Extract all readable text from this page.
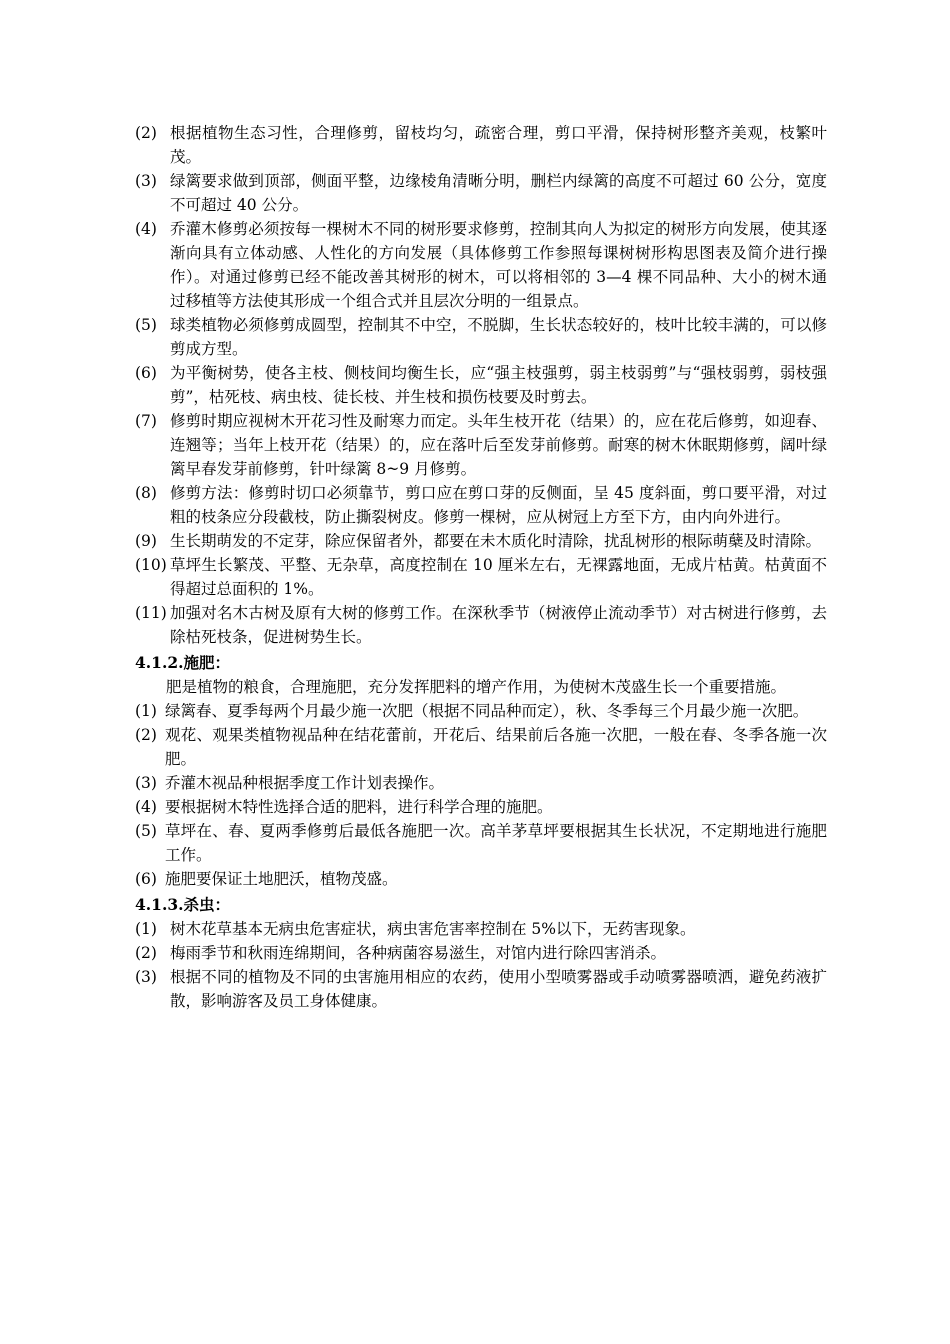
(2) 根据植物生态习性，合理修剪，留枝均匀，疏密合理，剪口平滑，保持树形整齐美观，枝繁叶茂。
(3) 绿篱要求做到顶部，侧面平整，边缘棱角清晰分明，删栏内绿篱的高度不可超过 60 公分，宽度不可超过 40 公分。
(4) 乔灌木修剪必须按每一棵树木不同的树形要求修剪，控制其向人为拟定的树形方向发展，使其逐渐向具有立体动感、人性化的方向发展（具体修剪工作参照每课树树形构思图表及简介进行操作）。对通过修剪已经不能改善其树形的树木，可以将相邻的 3—4 棵不同品种、大小的树木通过移植等方法使其形成一个组合式并且层次分明的一组景点。
(5) 球类植物必须修剪成圆型，控制其不中空，不脱脚，生长状态较好的，枝叶比较丰满的，可以修剪成方型。
(6) 为平衡树势，使各主枝、侧枝间均衡生长，应“强主枝强剪，弱主枝弱剪”与“强枝弱剪，弱枝强剪”，枯死枝、病虫枝、徒长枝、并生枝和损伤枝要及时剪去。
(7) 修剪时期应视树木开花习性及耐寒力而定。头年生枝开花（结果）的，应在花后修剪，如迎春、连翘等；当年上枝开花（结果）的，应在落叶后至发芽前修剪。耐寒的树木休眠期修剪，阔叶绿篱早春发芽前修剪，针叶绿篱 8~9 月修剪。
(8) 修剪方法：修剪时切口必须靠节，剪口应在剪口芽的反侧面，呈 45 度斜面，剪口要平滑，对过粗的枝条应分段截枝，防止撕裂树皮。修剪一棵树，应从树冠上方至下方，由内向外进行。
(9) 生长期萌发的不定芽，除应保留者外，都要在未木质化时清除，扰乱树形的根际萌蘖及时清除。
(10) 草坪生长繁茂、平整、无杂草，高度控制在 10 厘米左右，无裸露地面，无成片枯黄。枯黄面不得超过总面积的 1%。
(11) 加强对名木古树及原有大树的修剪工作。在深秋季节（树液停止流动季节）对古树进行修剪，去除枯死枝条，促进树势生长。
4.1.2.施肥：
肥是植物的粮食，合理施肥，充分发挥肥料的增产作用，为使树木茂盛生长一个重要措施。
(1) 绿篱春、夏季每两个月最少施一次肥（根据不同品种而定），秋、冬季每三个月最少施一次肥。
(2) 观花、观果类植物视品种在结花蕾前，开花后、结果前后各施一次肥，一般在春、冬季各施一次肥。
(3) 乔灌木视品种根据季度工作计划表操作。
(4) 要根据树木特性选择合适的肥料，进行科学合理的施肥。
(5) 草坪在、春、夏两季修剪后最低各施肥一次。高羊茅草坪要根据其生长状况，不定期地进行施肥工作。
(6) 施肥要保证土地肥沃，植物茂盛。
4.1.3.杀虫：
(1) 树木花草基本无病虫危害症状，病虫害危害率控制在 5%以下，无药害现象。
(2) 梅雨季节和秋雨连绵期间，各种病菌容易滋生，对馆内进行除四害消杀。
(3) 根据不同的植物及不同的虫害施用相应的农药，使用小型喷雾器或手动喷雾器喷洒，避免药液扩散，影响游客及员工身体健康。
